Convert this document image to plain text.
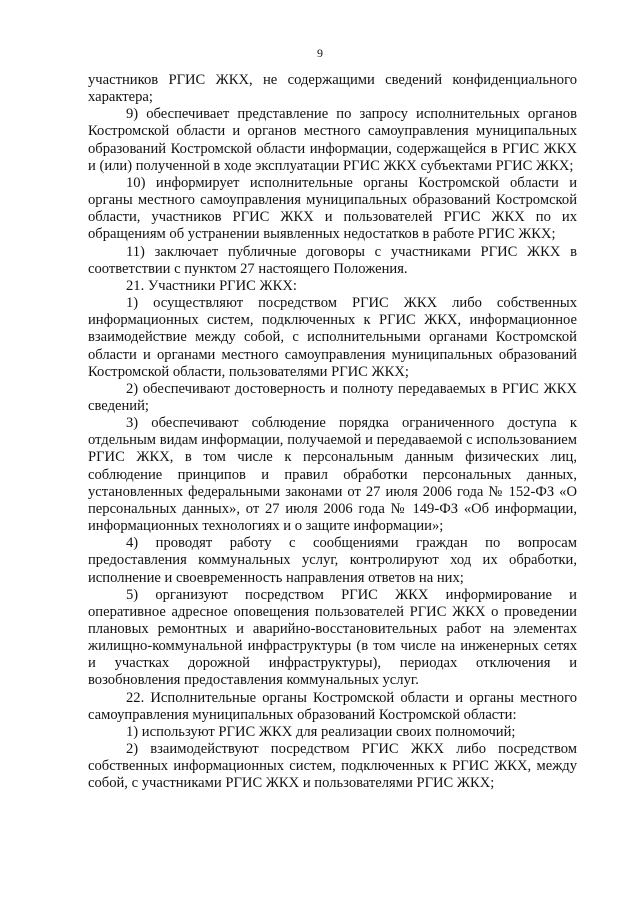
9

участников РГИС ЖКХ, не содержащими сведений конфиденциального характера;

9) обеспечивает представление по запросу исполнительных органов Костромской области и органов местного самоуправления муниципальных образований Костромской области информации, содержащейся в РГИС ЖКХ и (или) полученной в ходе эксплуатации РГИС ЖКХ субъектами РГИС ЖКХ;

10) информирует исполнительные органы Костромской области и органы местного самоуправления муниципальных образований Костромской области, участников РГИС ЖКХ и пользователей РГИС ЖКХ по их обращениям об устранении выявленных недостатков в работе РГИС ЖКХ;

11) заключает публичные договоры с участниками РГИС ЖКХ в соответствии с пунктом 27 настоящего Положения.

21. Участники РГИС ЖКХ:

1) осуществляют посредством РГИС ЖКХ либо собственных информационных систем, подключенных к РГИС ЖКХ, информационное взаимодействие между собой, с исполнительными органами Костромской области и органами местного самоуправления муниципальных образований Костромской области, пользователями РГИС ЖКХ;

2) обеспечивают достоверность и полноту передаваемых в РГИС ЖКХ сведений;

3) обеспечивают соблюдение порядка ограниченного доступа к отдельным видам информации, получаемой и передаваемой с использованием РГИС ЖКХ, в том числе к персональным данным физических лиц, соблюдение принципов и правил обработки персональных данных, установленных федеральными законами от 27 июля 2006 года № 152-ФЗ «О персональных данных», от 27 июля 2006 года № 149-ФЗ «Об информации, информационных технологиях и о защите информации»;

4) проводят работу с сообщениями граждан по вопросам предоставления коммунальных услуг, контролируют ход их обработки, исполнение и своевременность направления ответов на них;

5) организуют посредством РГИС ЖКХ информирование и оперативное адресное оповещения пользователей РГИС ЖКХ о проведении плановых ремонтных и аварийно-восстановительных работ на элементах жилищно-коммунальной инфраструктуры (в том числе на инженерных сетях и участках дорожной инфраструктуры), периодах отключения и возобновления предоставления коммунальных услуг.

22. Исполнительные органы Костромской области и органы местного самоуправления муниципальных образований Костромской области:

1) используют РГИС ЖКХ для реализации своих полномочий;

2) взаимодействуют посредством РГИС ЖКХ либо посредством собственных информационных систем, подключенных к РГИС ЖКХ, между собой, с участниками РГИС ЖКХ и пользователями РГИС ЖКХ;
